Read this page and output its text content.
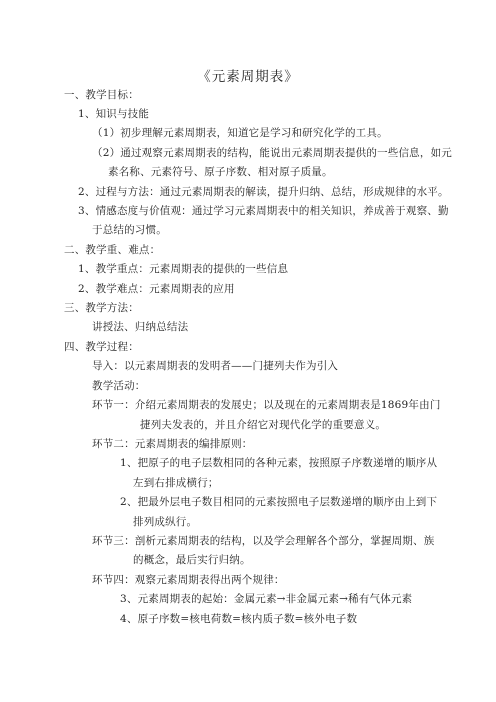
《元素周期表》
一、教学目标：
1、知识与技能
（1）初步理解元素周期表，知道它是学习和研究化学的工具。
（2）通过观察元素周期表的结构，能说出元素周期表提供的一些信息，如元
素名称、元素符号、原子序数、相对原子质量。
2、过程与方法：通过元素周期表的解读，提升归纳、总结，形成规律的水平。
3、情感态度与价值观：通过学习元素周期表中的相关知识，养成善于观察、勤
于总结的习惯。
二、教学重、难点：
1、教学重点：元素周期表的提供的一些信息
2、教学难点：元素周期表的应用
三、教学方法：
讲授法、归纳总结法
四、教学过程：
导入：以元素周期表的发明者——门捷列夫作为引入
教学活动：
环节一：介绍元素周期表的发展史；以及现在的元素周期表是1869年由门
捷列夫发表的，并且介绍它对现代化学的重要意义。
环节二：元素周期表的编排原则：
1、把原子的电子层数相同的各种元素，按照原子序数递增的顺序从
左到右排成横行；
2、把最外层电子数目相同的元素按照电子层数递增的顺序由上到下
排列成纵行。
环节三：剖析元素周期表的结构，以及学会理解各个部分，掌握周期、族
的概念，最后实行归纳。
环节四：观察元素周期表得出两个规律：
3、元素周期表的起始：金属元素→非金属元素→稀有气体元素
4、原子序数=核电荷数=核内质子数=核外电子数
